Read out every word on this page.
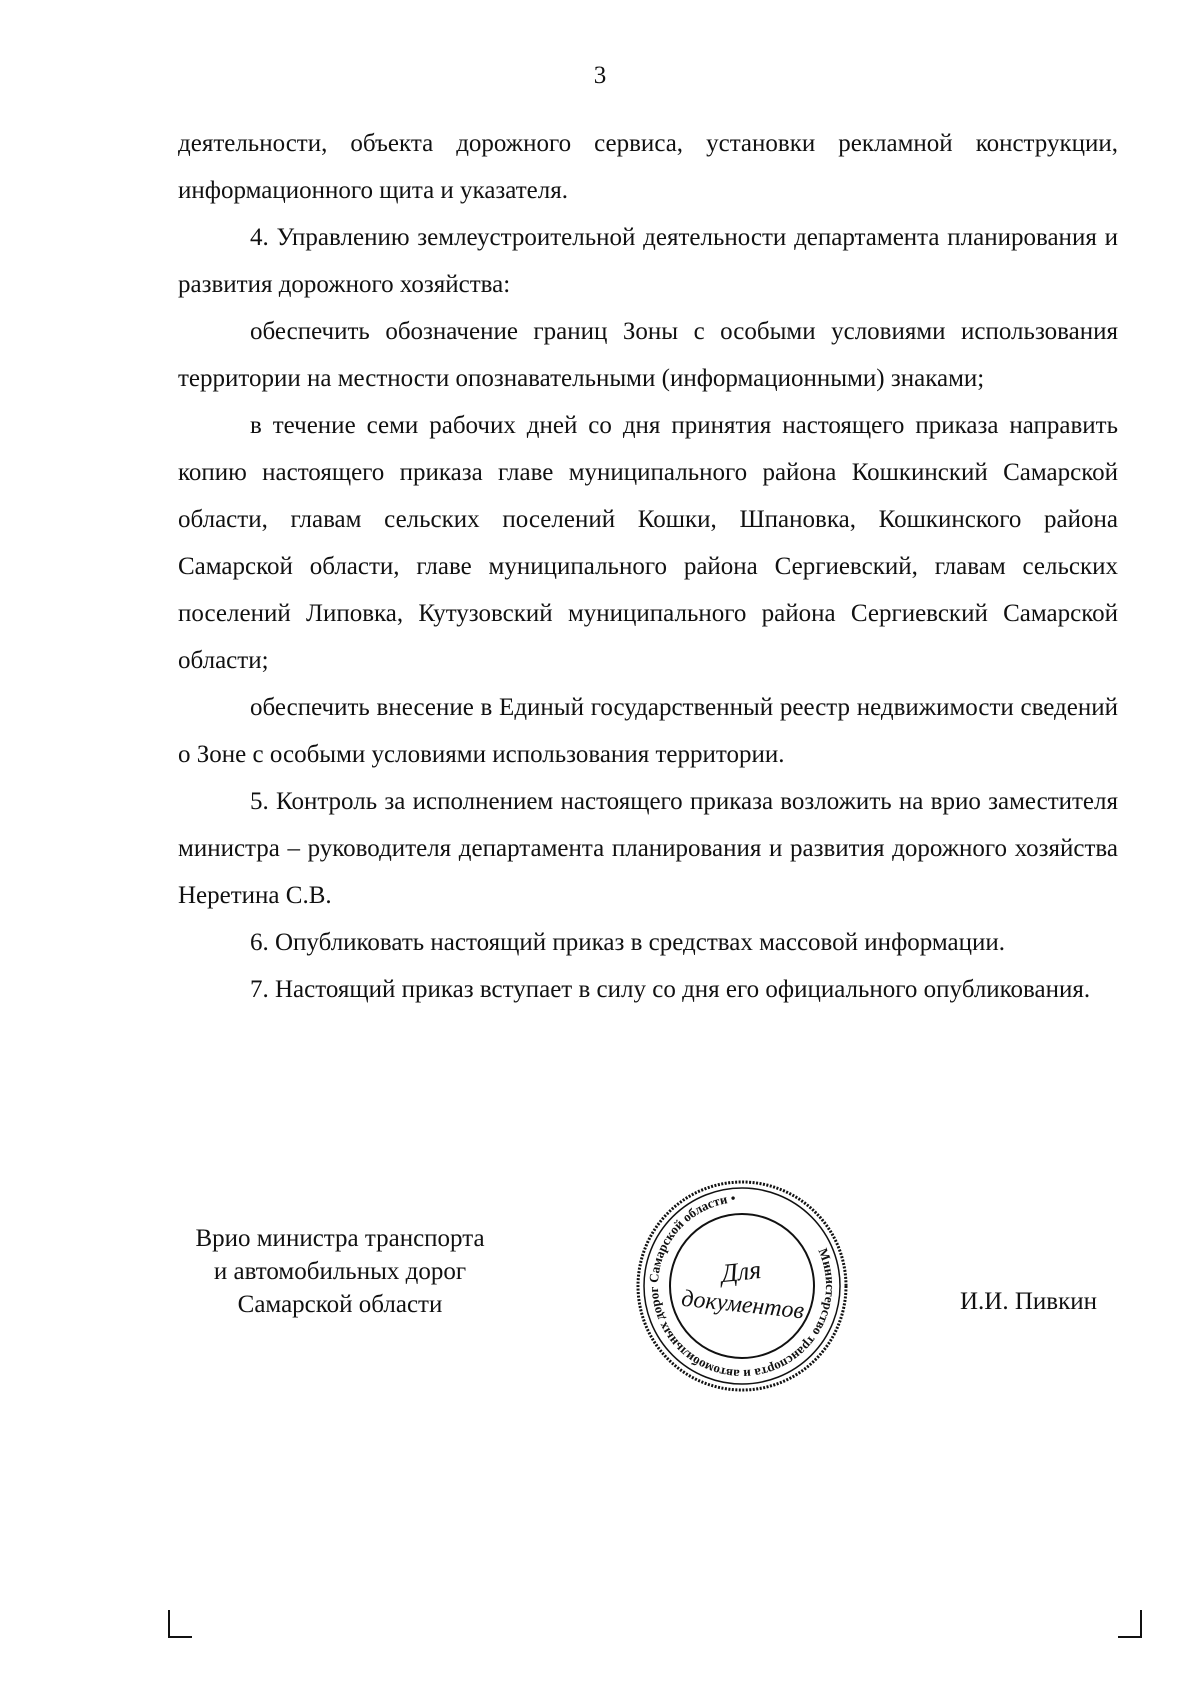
3

деятельности, объекта дорожного сервиса, установки рекламной конструкции, информационного щита и указателя.

4. Управлению землеустроительной деятельности департамента планирования и развития дорожного хозяйства:

обеспечить обозначение границ Зоны с особыми условиями использования территории на местности опознавательными (информационными) знаками;

в течение семи рабочих дней со дня принятия настоящего приказа направить копию настоящего приказа главе муниципального района Кошкинский Самарской области, главам сельских поселений Кошки, Шпановка, Кошкинского района Самарской области, главе муниципального района Сергиевский, главам сельских поселений Липовка, Кутузовский муниципального района Сергиевский Самарской области;

обеспечить внесение в Единый государственный реестр недвижимости сведений о Зоне с особыми условиями использования территории.

5. Контроль за исполнением настоящего приказа возложить на врио заместителя министра – руководителя департамента планирования и развития дорожного хозяйства Неретина С.В.

6. Опубликовать настоящий приказ в средствах массовой информации.

7. Настоящий приказ вступает в силу со дня его официального опубликования.

Врио министра транспорта
и автомобильных дорог
Самарской области
Министерство транспорта и автомобильных дорог Самарской области •
Для
документов	И.И. Пивкин
